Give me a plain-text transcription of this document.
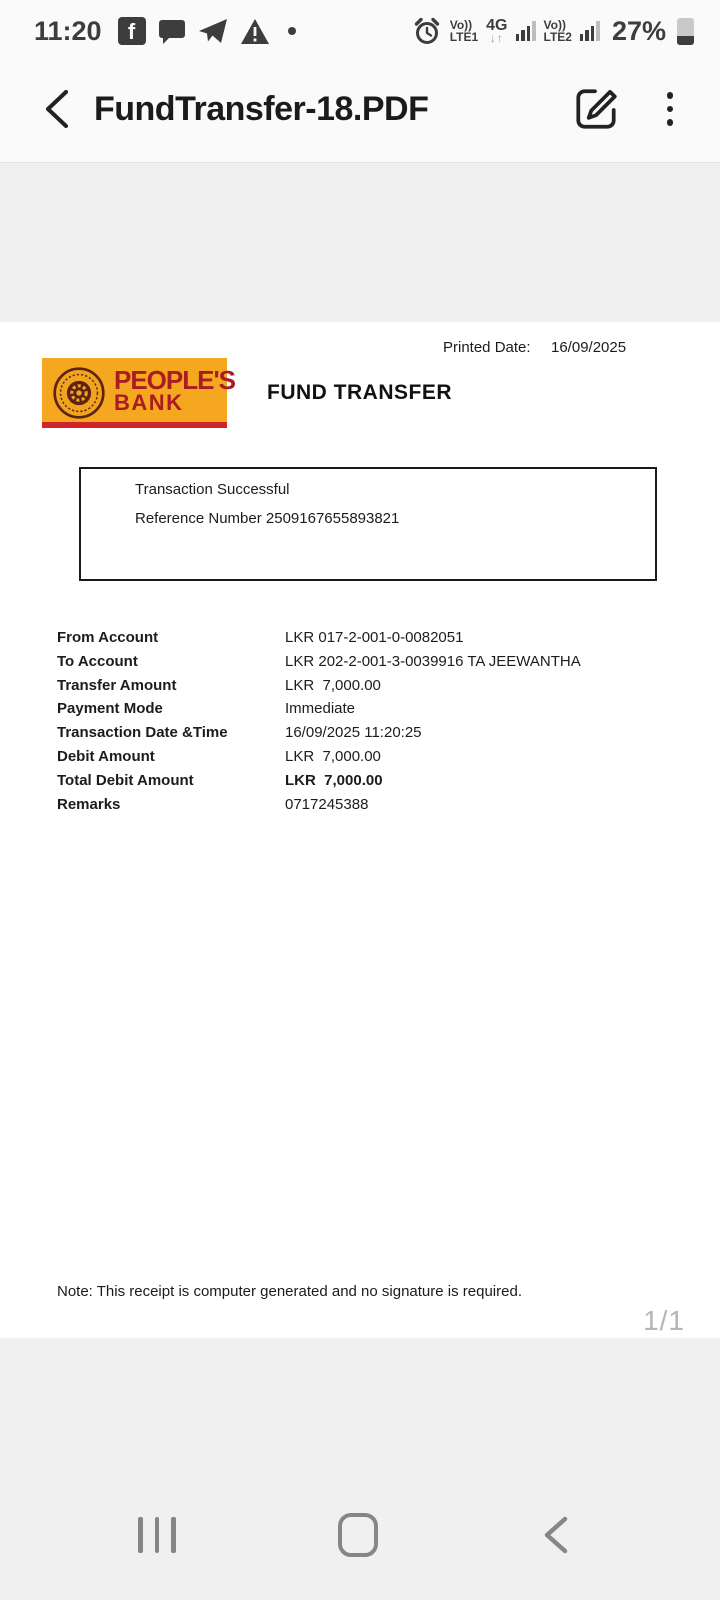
11:20	f	Vo))
LTE1
4G
↓↑
Vo))
LTE2 27%
FundTransfer-18.PDF
Printed Date: 16/09/2025
PEOPLE'S
BANK	FUND TRANSFER
Transaction Successful
Reference Number 2509167655893821
From Account	LKR 017-2-001-0-0082051
To Account	LKR 202-2-001-3-0039916 TA JEEWANTHA
Transfer Amount	LKR  7,000.00
Payment Mode	Immediate
Transaction Date &Time	16/09/2025 11:20:25
Debit Amount	LKR  7,000.00
Total Debit Amount	LKR  7,000.00
Remarks	0717245388
Note: This receipt is computer generated and no signature is required.
1/1
